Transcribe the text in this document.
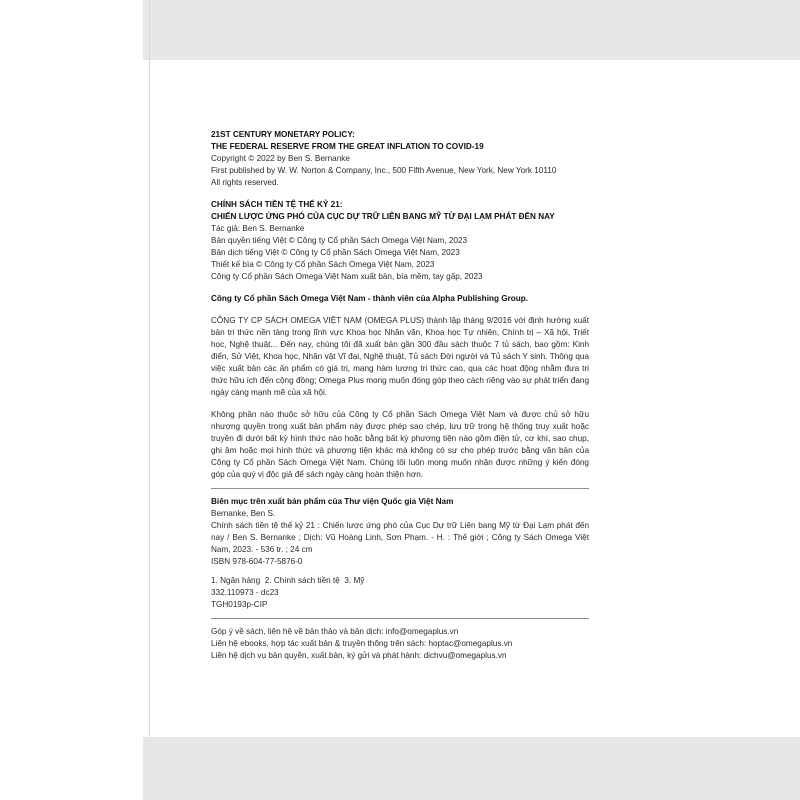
21ST CENTURY MONETARY POLICY:

THE FEDERAL RESERVE FROM THE GREAT INFLATION TO COVID-19

Copyright © 2022 by Ben S. Bernanke

First published by W. W. Norton & Company, Inc., 500 Fifth Avenue, New York, New York 10110

All rights reserved.

CHÍNH SÁCH TIỀN TỆ THẾ KỶ 21:

CHIẾN LƯỢC ỨNG PHÓ CỦA CỤC DỰ TRỮ LIÊN BANG MỸ TỪ ĐẠI LẠM PHÁT ĐẾN NAY

Tác giả: Ben S. Bernanke

Bản quyền tiếng Việt © Công ty Cổ phần Sách Omega Việt Nam, 2023

Bản dịch tiếng Việt © Công ty Cổ phần Sách Omega Việt Nam, 2023

Thiết kế bìa © Công ty Cổ phần Sách Omega Việt Nam, 2023

Công ty Cổ phần Sách Omega Việt Nam xuất bản, bìa mềm, tay gấp, 2023

Công ty Cổ phần Sách Omega Việt Nam - thành viên của Alpha Publishing Group.

CÔNG TY CP SÁCH OMEGA VIỆT NAM (OMEGA PLUS) thành lập tháng 9/2016 với định hướng xuất bản tri thức nền tảng trong lĩnh vực Khoa học Nhân văn, Khoa học Tự nhiên, Chính trị – Xã hội, Triết học, Nghệ thuật... Đến nay, chúng tôi đã xuất bản gần 300 đầu sách thuộc 7 tủ sách, bao gồm: Kinh điển, Sử Việt, Khoa học, Nhân vật Vĩ đại, Nghệ thuật, Tủ sách Đời người và Tủ sách Y sinh. Thông qua việc xuất bản các ấn phẩm có giá trị, mang hàm lượng tri thức cao, qua các hoạt động nhằm đưa tri thức hữu ích đến cộng đồng; Omega Plus mong muốn đóng góp theo cách riêng vào sự phát triển đang ngày càng mạnh mẽ của xã hội.

Không phần nào thuộc sở hữu của Công ty Cổ phần Sách Omega Việt Nam và được chủ sở hữu nhượng quyền trong xuất bản phẩm này được phép sao chép, lưu trữ trong hệ thống truy xuất hoặc truyền đi dưới bất kỳ hình thức nào hoặc bằng bất kỳ phương tiện nào gồm điện tử, cơ khí, sao chụp, ghi âm hoặc mọi hình thức và phương tiện khác mà không có sự cho phép trước bằng văn bản của Công ty Cổ phần Sách Omega Việt Nam. Chúng tôi luôn mong muốn nhận được những ý kiến đóng góp của quý vị độc giả để sách ngày càng hoàn thiện hơn.

Biên mục trên xuất bản phẩm của Thư viện Quốc gia Việt Nam

Bernanke, Ben S.

Chính sách tiền tệ thế kỷ 21 : Chiến lược ứng phó của Cục Dự trữ Liên bang Mỹ từ Đại Lạm phát đến nay / Ben S. Bernanke ; Dịch: Vũ Hoàng Linh, Sơn Phạm. - H. : Thế giới ; Công ty Sách Omega Việt Nam, 2023. - 536 tr. ; 24 cm

ISBN 978-604-77-5876-0

1. Ngân hàng  2. Chính sách tiền tệ  3. Mỹ

332.110973 - dc23

TGH0193p-CIP

Góp ý về sách, liên hệ về bản thảo và bản dịch: info@omegaplus.vn

Liên hệ ebooks, hợp tác xuất bản & truyền thông trên sách: hoptac@omegaplus.vn

Liên hệ dịch vụ bản quyền, xuất bản, ký gửi và phát hành: dichvu@omegaplus.vn
